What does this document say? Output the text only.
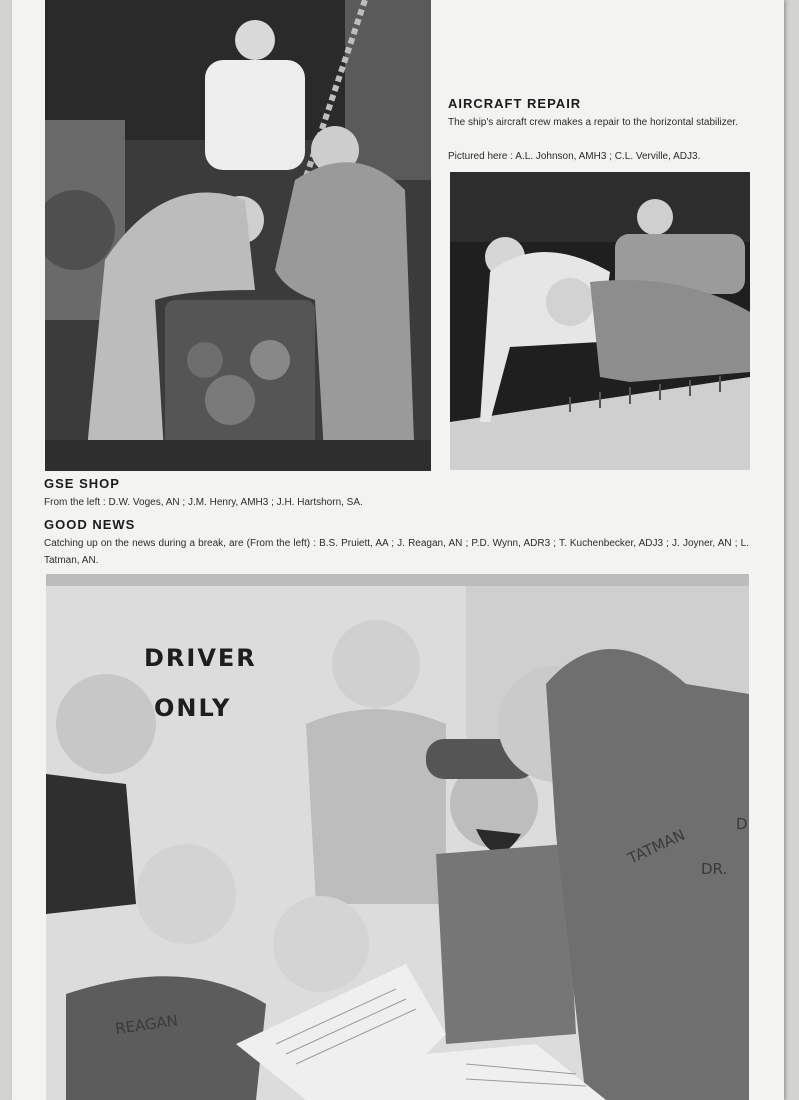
AIRCRAFT REPAIR

The ship's aircraft crew makes a repair to the horizontal stabilizer.

Pictured here : A.L. Johnson, AMH3 ; C.L. Verville, ADJ3.

GSE SHOP

From the left : D.W. Voges, AN ; J.M. Henry, AMH3 ; J.H. Hartshorn, SA.

GOOD NEWS

Catching up on the news during a break, are (From the left) : B.S. Pruiett, AA ; J. Reagan, AN ; P.D. Wynn, ADR3 ; T. Kuchenbecker, ADJ3 ; J. Joyner, AN ; L. Tatman, AN.

DRIVER
ONLY
TATMAN
D
DR.
REAGAN
